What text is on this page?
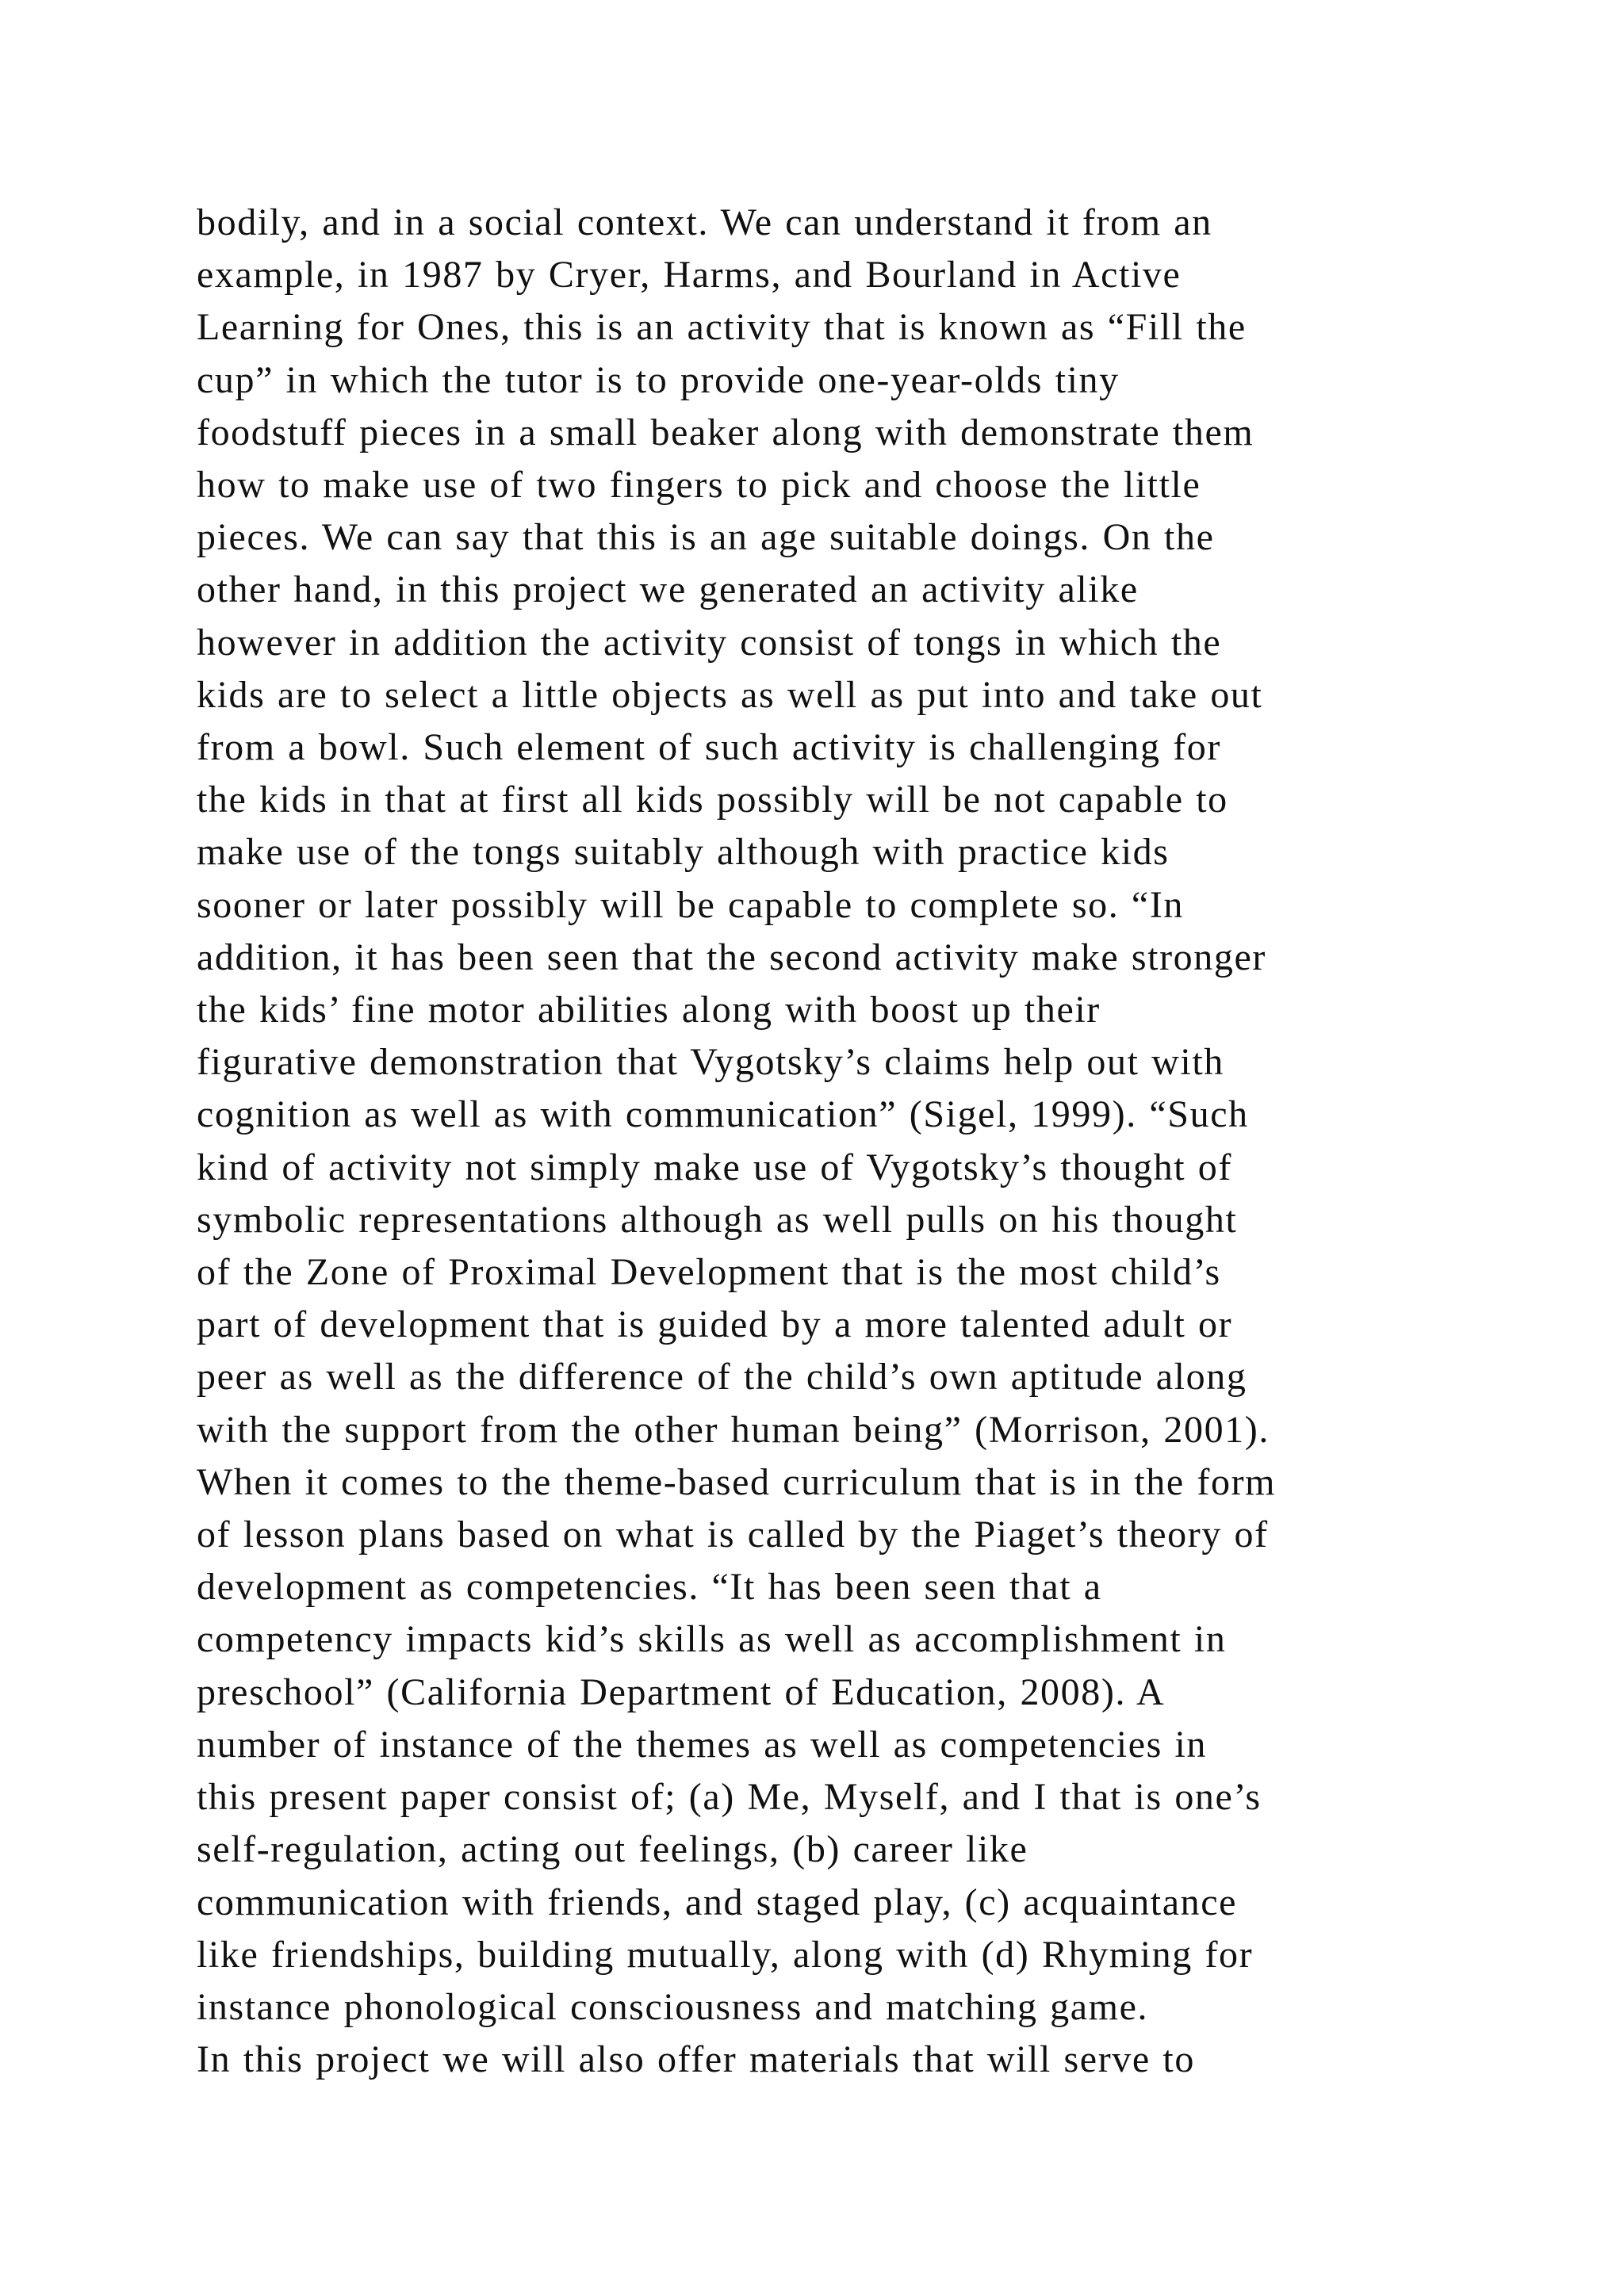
bodily, and in a social context. We can understand it from an
example, in 1987 by Cryer, Harms, and Bourland in Active
Learning for Ones, this is an activity that is known as “Fill the
cup” in which the tutor is to provide one-year-olds tiny
foodstuff pieces in a small beaker along with demonstrate them
how to make use of two fingers to pick and choose the little
pieces. We can say that this is an age suitable doings. On the
other hand, in this project we generated an activity alike
however in addition the activity consist of tongs in which the
kids are to select a little objects as well as put into and take out
from a bowl. Such element of such activity is challenging for
the kids in that at first all kids possibly will be not capable to
make use of the tongs suitably although with practice kids
sooner or later possibly will be capable to complete so. “In
addition, it has been seen that the second activity make stronger
the kids’ fine motor abilities along with boost up their
figurative demonstration that Vygotsky’s claims help out with
cognition as well as with communication” (Sigel, 1999). “Such
kind of activity not simply make use of Vygotsky’s thought of
symbolic representations although as well pulls on his thought
of the Zone of Proximal Development that is the most child’s
part of development that is guided by a more talented adult or
peer as well as the difference of the child’s own aptitude along
with the support from the other human being” (Morrison, 2001).
When it comes to the theme-based curriculum that is in the form
of lesson plans based on what is called by the Piaget’s theory of
development as competencies. “It has been seen that a
competency impacts kid’s skills as well as accomplishment in
preschool” (California Department of Education, 2008). A
number of instance of the themes as well as competencies in
this present paper consist of; (a) Me, Myself, and I that is one’s
self-regulation, acting out feelings, (b) career like
communication with friends, and staged play, (c) acquaintance
like friendships, building mutually, along with (d) Rhyming for
instance phonological consciousness and matching game.
In this project we will also offer materials that will serve to
